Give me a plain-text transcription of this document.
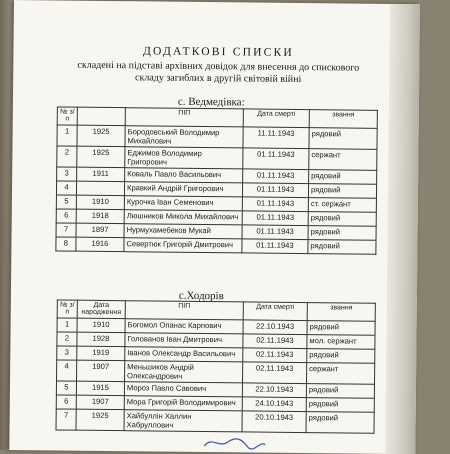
ДОДАТКОВІ СПИСКИ
складені на підставі архівних довідок для внесення до спискового
складу загиблих в другій світовій війні
с. Ведмедівка:
№ з/п		ПІП	Дата смерті	звання
1	1925	Бородовський Володимир Михайлович	11.11.1943	рядовий
2	1925	Еджимов Володимир Григорович	01.11.1943	сержант
3	1911	Коваль Павло Васильович	01.11.1943	рядовий
4		Кравкий Андрій Григорович	01.11.1943	рядовий
5	1910	Курочка Іван Семенович	01.11.1943	ст. сержант
6	1918	Люшников Микола Михайлович	01.11.1943	рядовий
7	1897	Нурмухамебеков Мукай	01.11.1943	рядовий
8	1916	Севертюк Григорій Дмитрович	01.11.1943	рядовий
с.Ходорів
№ з/п	Дата народження	ПІП	Дата смерті	звання
1	1910	Богомол Опанас Карпович	22.10.1943	рядовий
2	1928	Голованов Іван Дмитрович	02.11.1943	мол. сержант
3	1919	Іванов Олександр Васильович	02.11.1943	рядовий
4	1907	Меньшиков Андрій Олександрович	02.11.1943	сержант
5	1915	Мороз Павло Савович	22.10.1943	рядовий
6	1907	Мора Григорій Володимирович	24.10.1943	рядовий
7	1925	Хайбуллін Халлин Хабруллович	20.10.1943	рядовий
